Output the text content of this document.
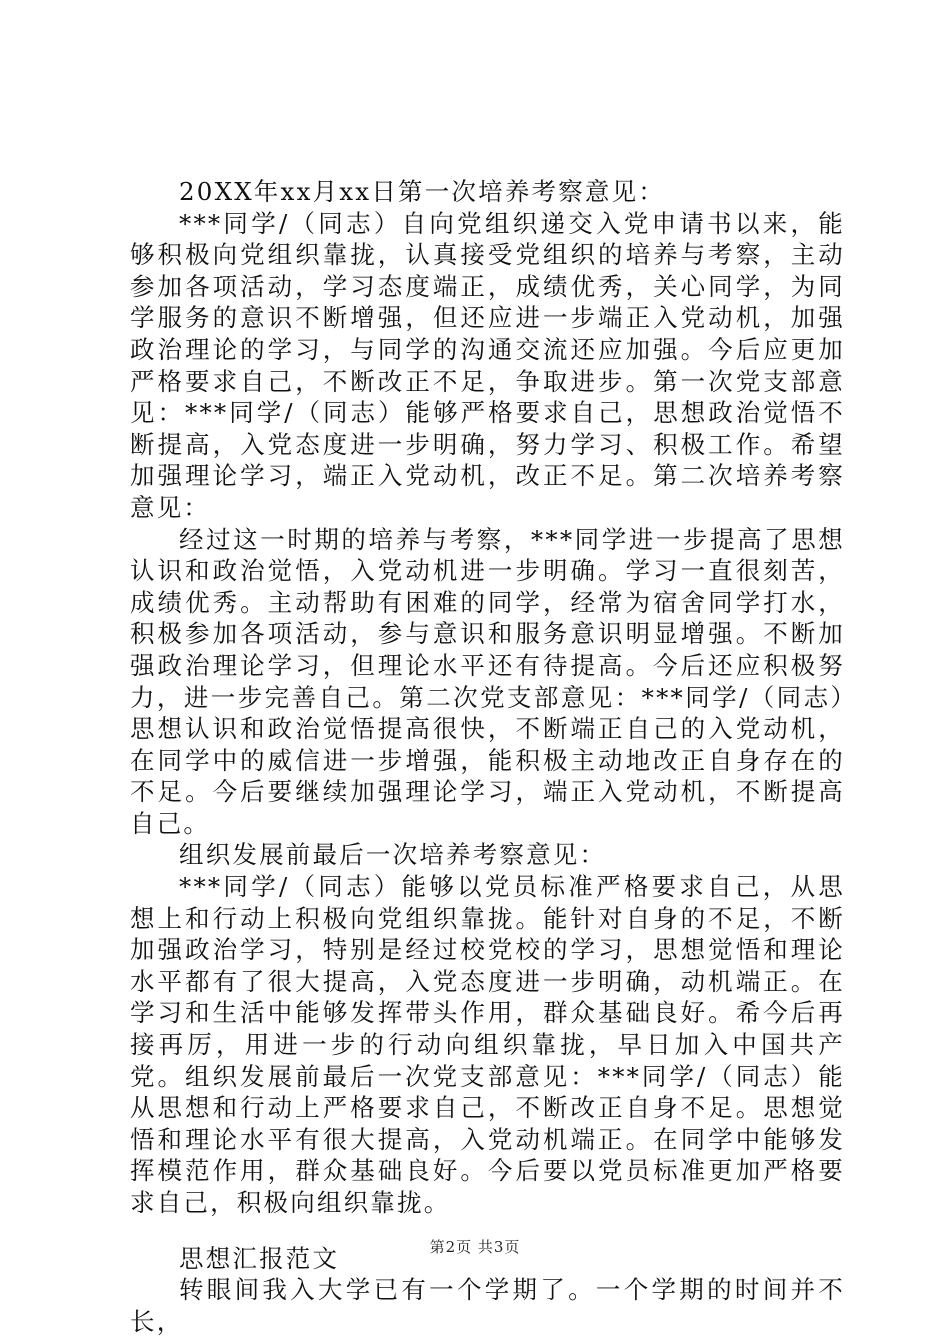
20XX年xx月xx日第一次培养考察意见：

***同学/（同志）自向党组织递交入党申请书以来，能够积极向党组织靠拢，认真接受党组织的培养与考察，主动参加各项活动，学习态度端正，成绩优秀，关心同学，为同学服务的意识不断增强，但还应进一步端正入党动机，加强政治理论的学习，与同学的沟通交流还应加强。今后应更加严格要求自己，不断改正不足，争取进步。第一次党支部意见：***同学/（同志）能够严格要求自己，思想政治觉悟不断提高，入党态度进一步明确，努力学习、积极工作。希望加强理论学习，端正入党动机，改正不足。第二次培养考察意见：

经过这一时期的培养与考察，***同学进一步提高了思想认识和政治觉悟，入党动机进一步明确。学习一直很刻苦，成绩优秀。主动帮助有困难的同学，经常为宿舍同学打水，积极参加各项活动，参与意识和服务意识明显增强。不断加强政治理论学习，但理论水平还有待提高。今后还应积极努力，进一步完善自己。第二次党支部意见：***同学/（同志）思想认识和政治觉悟提高很快，不断端正自己的入党动机，在同学中的威信进一步增强，能积极主动地改正自身存在的不足。今后要继续加强理论学习，端正入党动机，不断提高自己。

组织发展前最后一次培养考察意见：

***同学/（同志）能够以党员标准严格要求自己，从思想上和行动上积极向党组织靠拢。能针对自身的不足，不断加强政治学习，特别是经过校党校的学习，思想觉悟和理论水平都有了很大提高，入党态度进一步明确，动机端正。在学习和生活中能够发挥带头作用，群众基础良好。希今后再接再厉，用进一步的行动向组织靠拢，早日加入中国共产党。组织发展前最后一次党支部意见：***同学/（同志）能从思想和行动上严格要求自己，不断改正自身不足。思想觉悟和理论水平有很大提高，入党动机端正。在同学中能够发挥模范作用，群众基础良好。今后要以党员标准更加严格要求自己，积极向组织靠拢。

思想汇报范文

转眼间我入大学已有一个学期了。一个学期的时间并不长，

第2页 共3页
